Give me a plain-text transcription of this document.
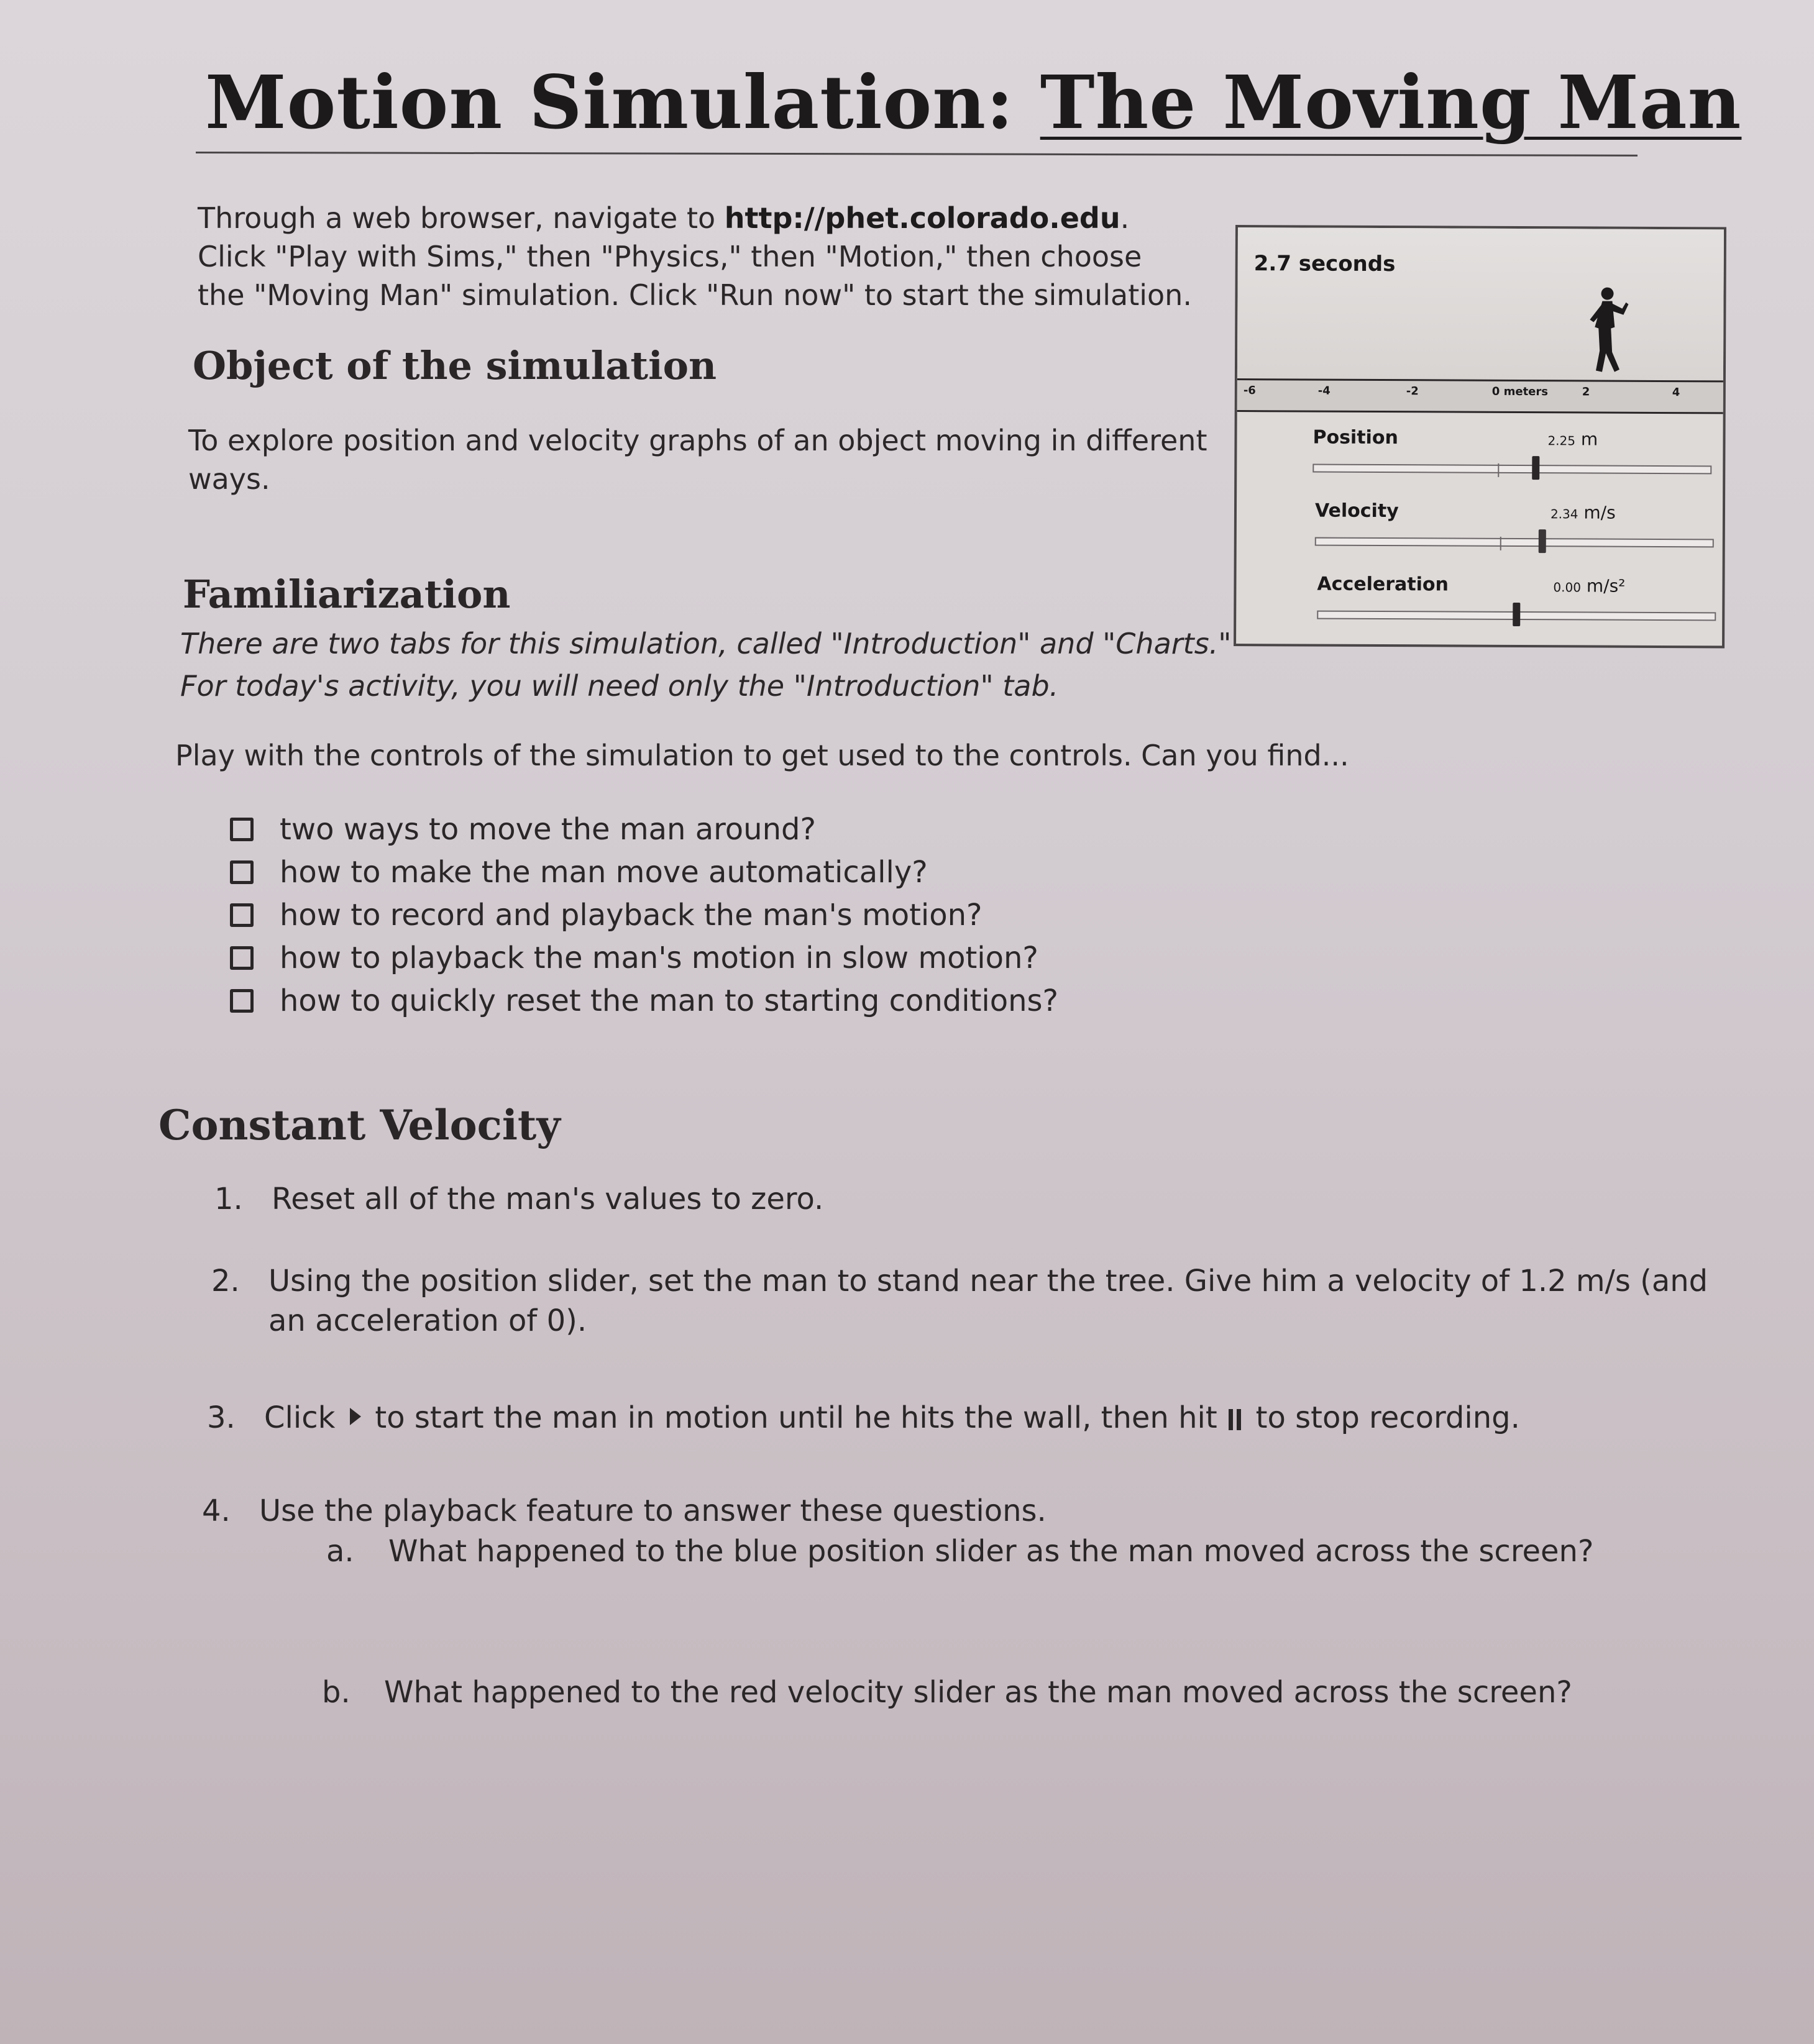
Motion Simulation: The Moving Man

Through a web browser, navigate to http://phet.colorado.edu. Click "Play with Sims," then "Physics," then "Motion," then choose the "Moving Man" simulation. Click "Run now" to start the simulation.

Object of the simulation

To explore position and velocity graphs of an object moving in different ways.

Familiarization

There are two tabs for this simulation, called "Introduction" and "Charts." For today's activity, you will need only the "Introduction" tab.

Play with the controls of the simulation to get used to the controls. Can you find...

two ways to move the man around?
how to make the man move automatically?
how to record and playback the man's motion?
how to playback the man's motion in slow motion?
how to quickly reset the man to starting conditions?
Constant Velocity

1. Reset all of the man's values to zero.

2. Using the position slider, set the man to stand near the tree. Give him a velocity of 1.2 m/s (and
an acceleration of 0).

3. Click to start the man in motion until he hits the wall, then hit to stop recording.

4. Use the playback feature to answer these questions.

a. What happened to the blue position slider as the man moved across the screen?

b. What happened to the red velocity slider as the man moved across the screen?

2.7 seconds
-6	-4	-2	0 meters	2	4
Position	2.25 m
Velocity	2.34 m/s
Acceleration	0.00 m/s²
